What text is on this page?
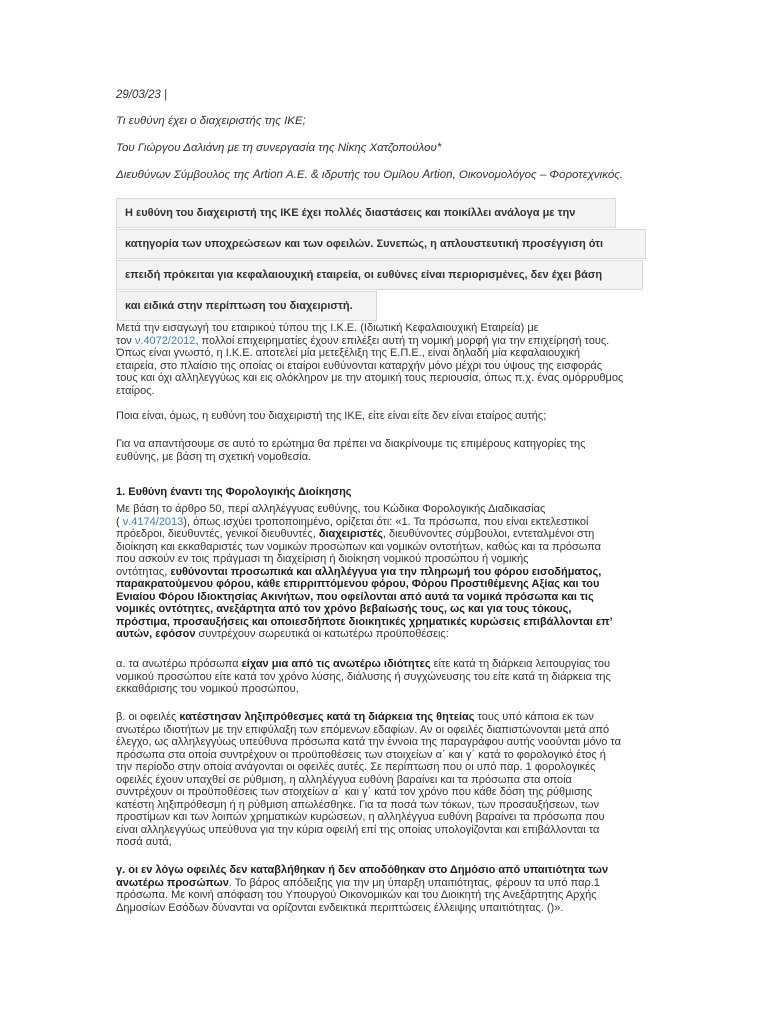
29/03/23 |
Τι ευθύνη έχει ο διαχειριστής της ΙΚΕ;
Του Γιώργου Δαλιάνη με τη συνεργασία της Νίκης Χατζοπούλου*
Διευθύνων Σύμβουλος της Artion Α.Ε. & ιδρυτής του Ομίλου Artion, Οικονομολόγος – Φοροτεχνικός.
Η ευθύνη του διαχειριστή της ΙΚΕ έχει πολλές διαστάσεις και ποικίλλει ανάλογα με την
κατηγορία των υποχρεώσεων και των οφειλών. Συνεπώς, η απλουστευτική προσέγγιση ότι
επειδή πρόκειται για κεφαλαιουχική εταιρεία, οι ευθύνες είναι περιορισμένες, δεν έχει βάση
και ειδικά στην περίπτωση του διαχειριστή.

Μετά την εισαγωγή του εταιρικού τύπου της Ι.Κ.Ε. (Ιδιωτική Κεφαλαιουχική Εταιρεία) με

τον ν.4072/2012, πολλοί επιχειρηματίες έχουν επιλέξει αυτή τη νομική μορφή για την επιχείρησή τους.

Όπως είναι γνωστό, η Ι.Κ.Ε. αποτελεί μία μετεξέλιξη της Ε.Π.Ε., είναι δηλαδή μία κεφαλαιουχική

εταιρεία, στο πλαίσιο της οποίας οι εταίροι ευθύνονται καταρχήν μόνο μέχρι του ύψους της εισφοράς

τους και όχι αλληλεγγύως και εις ολόκληρον με την ατομική τους περιουσία, όπως π.χ. ένας ομόρρυθμος

εταίρος.

Ποια είναι, όμως, η ευθύνη του διαχειριστή της ΙΚΕ, είτε είναι είτε δεν είναι εταίρος αυτής;

Για να απαντήσουμε σε αυτό το ερώτημα θα πρέπει να διακρίνουμε τις επιμέρους κατηγορίες της

ευθύνης, με βάση τη σχετική νομοθεσία.

1. Ευθύνη έναντι της Φορολογικής Διοίκησης

Με βάση το άρθρο 50, περί αλληλέγγυας ευθύνης, του Κώδικα Φορολογικής Διαδικασίας

( ν.4174/2013), όπως ισχύει τροποποιημένο, ορίζεται ότι: «1. Τα πρόσωπα, που είναι εκτελεστικοί

πρόεδροι, διευθυντές, γενικοί διευθυντές, διαχειριστές, διευθύνοντες σύμβουλοι, εντεταλμένοι στη

διοίκηση και εκκαθαριστές των νομικών προσώπων και νομικών οντοτήτων, καθώς και τα πρόσωπα

που ασκούν εν τοις πράγμασι τη διαχείριση ή διοίκηση νομικού προσώπου ή νομικής

οντότητας, ευθύνονται προσωπικά και αλληλέγγυα για την πληρωμή του φόρου εισοδήματος,

παρακρατούμενου φόρου, κάθε επιρριπτόμενου φόρου, Φόρου Προστιθέμενης Αξίας και του

Ενιαίου Φόρου Ιδιοκτησίας Ακινήτων, που οφείλονται από αυτά τα νομικά πρόσωπα και τις

νομικές οντότητες, ανεξάρτητα από τον χρόνο βεβαίωσής τους, ως και για τους τόκους,

πρόστιμα, προσαυξήσεις και οποιεσδήποτε διοικητικές χρηματικές κυρώσεις επιβάλλονται επ’

αυτών, εφόσον συντρέχουν σωρευτικά οι κατωτέρω προϋποθέσεις:

α. τα ανωτέρω πρόσωπα είχαν μια από τις ανωτέρω ιδιότητες είτε κατά τη διάρκεια λειτουργίας του

νομικού προσώπου είτε κατά τον χρόνο λύσης, διάλυσης ή συγχώνευσης του είτε κατά τη διάρκεια της

εκκαθάρισης του νομικού προσώπου,

β. οι οφειλές κατέστησαν ληξιπρόθεσμες κατά τη διάρκεια της θητείας τους υπό κάποια εκ των

ανωτέρω ιδιοτήτων με την επιφύλαξη των επόμενων εδαφίων. Αν οι οφειλές διαπιστώνονται μετά από

έλεγχο, ως αλληλεγγύως υπεύθυνα πρόσωπα κατά την έννοια της παραγράφου αυτής νοούνται μόνο τα

πρόσωπα στα οποία συντρέχουν οι προϋποθέσεις των στοιχείων α΄ και γ΄ κατά το φορολογικό έτος ή

την περίοδο στην οποία ανάγονται οι οφειλές αυτές. Σε περίπτωση που οι υπό παρ. 1 φορολογικές

οφειλές έχουν υπαχθεί σε ρύθμιση, η αλληλέγγυα ευθύνη βαραίνει και τα πρόσωπα στα οποία

συντρέχουν οι προϋποθέσεις των στοιχείων α΄ και γ΄ κατά τον χρόνο που κάθε δόση της ρύθμισης

κατέστη ληξιπρόθεσμη ή η ρύθμιση απωλέσθηκε. Για τα ποσά των τόκων, των προσαυξήσεων, των

προστίμων και των λοιπών χρηματικών κυρώσεων, η αλληλέγγυα ευθύνη βαραίνει τα πρόσωπα που

είναι αλληλεγγύως υπεύθυνα για την κύρια οφειλή επί της οποίας υπολογίζονται και επιβάλλονται τα

ποσά αυτά,

γ. οι εν λόγω οφειλές δεν καταβλήθηκαν ή δεν αποδόθηκαν στο Δημόσιο από υπαιτιότητα των

ανωτέρω προσώπων. Το βάρος απόδειξης για την μη ύπαρξη υπαιτιότητας, φέρουν τα υπό παρ.1

πρόσωπα. Με κοινή απόφαση του Υπουργού Οικονομικών και του Διοικητή της Ανεξάρτητης Αρχής

Δημοσίων Εσόδων δύνανται να ορίζονται ενδεικτικά περιπτώσεις έλλειψης υπαιτιότητας. ()».
